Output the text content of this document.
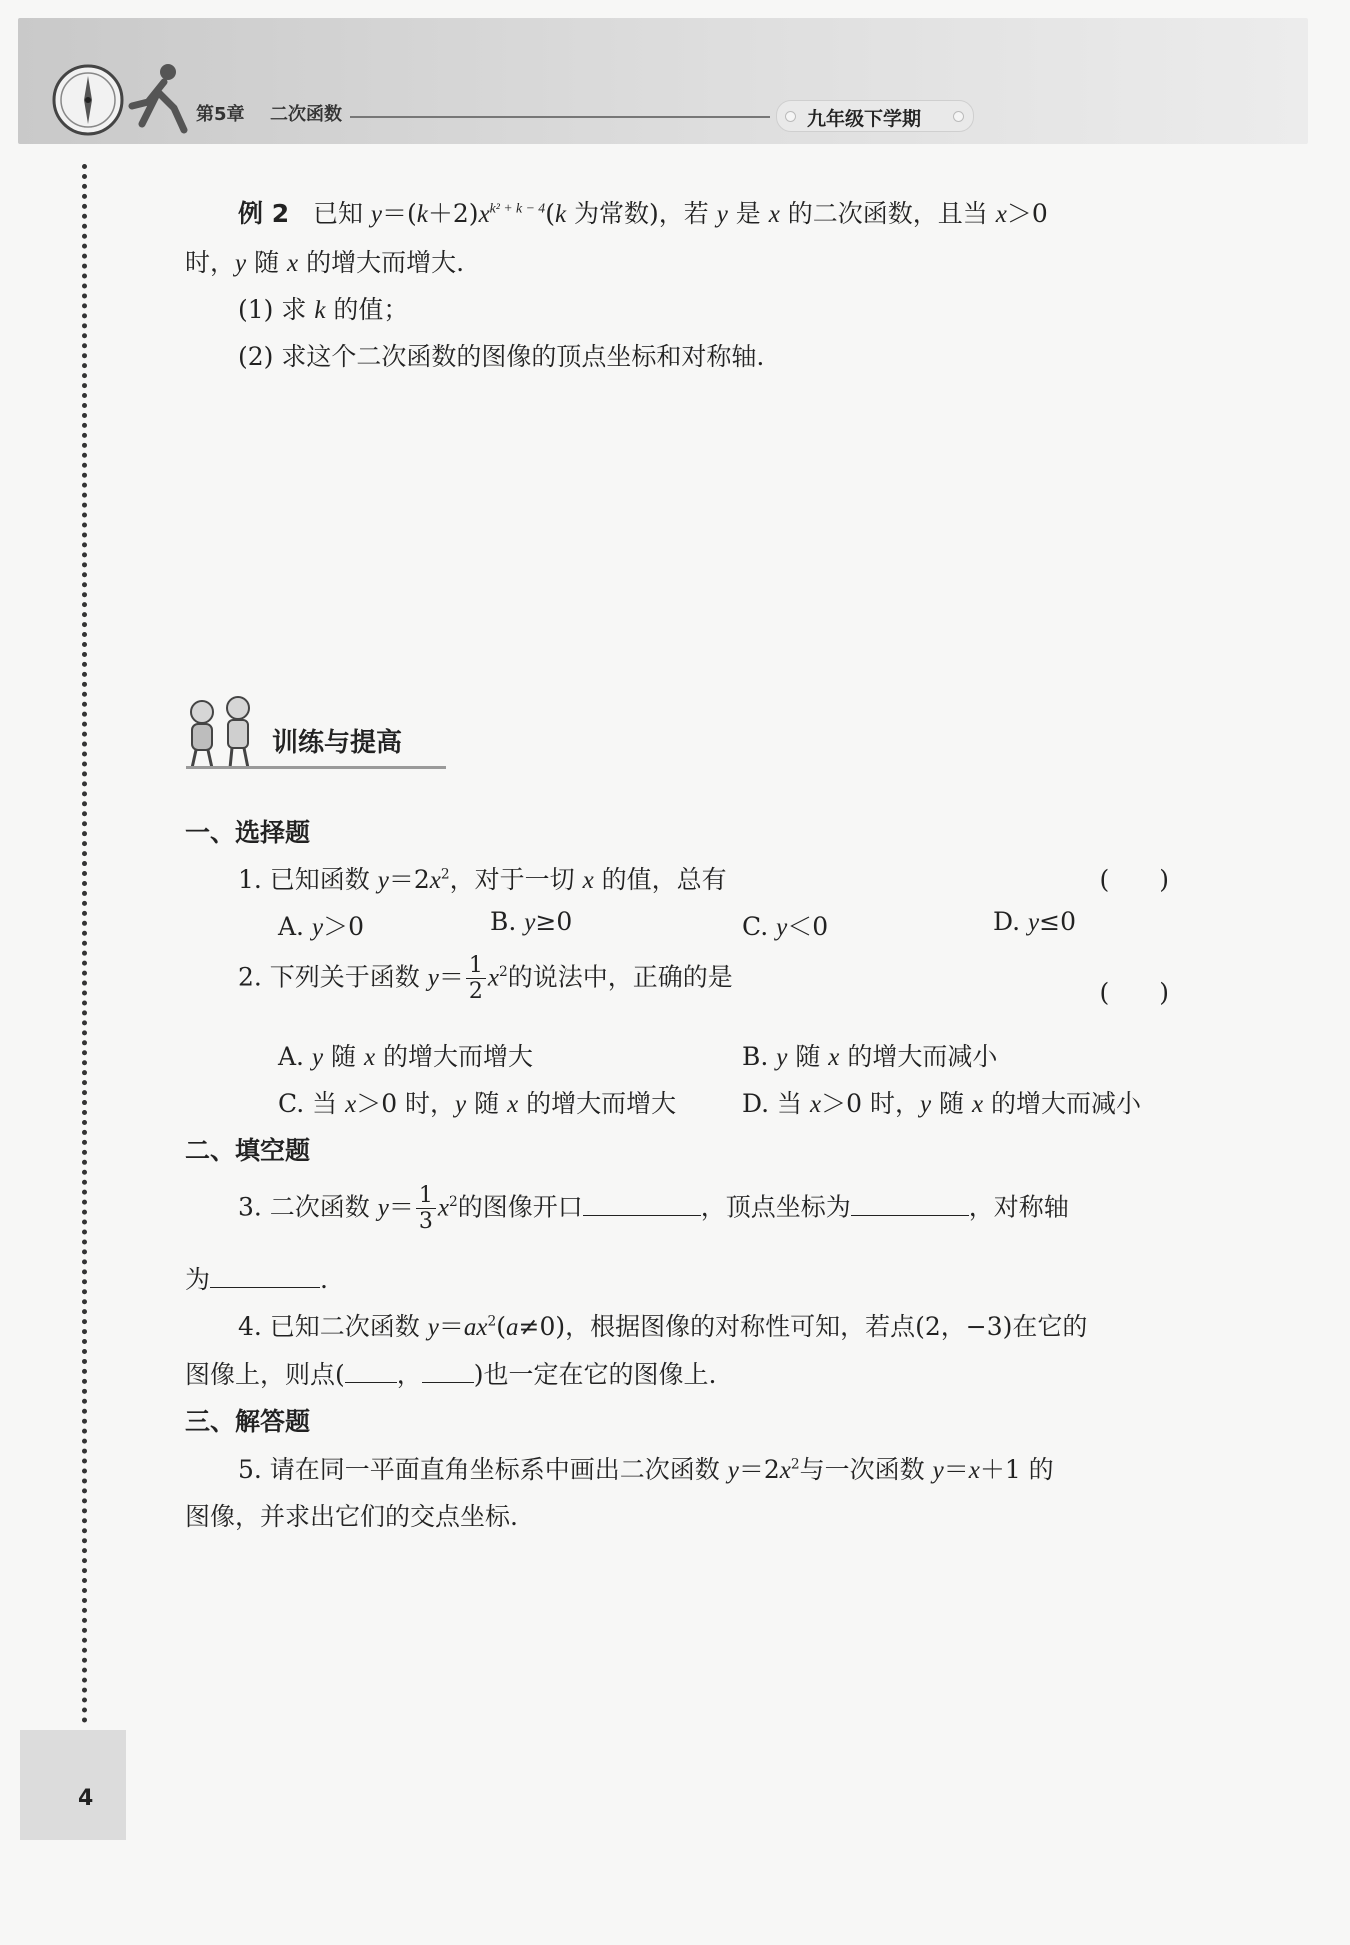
第5章 二次函数	九年级下学期
例 2 已知 $y=(k+2)x^{k^2 + k - 4}(k$ 为常数)，若 y 是 x 的二次函数，且当 x＞0
时，y 随 x 的增大而增大.
(1) 求 k 的值；
(2) 求这个二次函数的图像的顶点坐标和对称轴.
训练与提高
一、选择题
1. 已知函数 $y=2x^2$，对于一切 x 的值，总有	(　　)
A. y＞0	B. y≥0	C. y＜0	D. y≤0
2. 下列关于函数 $y= \frac{1}{2} x^2$的说法中，正确的是
(　　)
A. y 随 x 的增大而增大	B. y 随 x 的增大而减小
C. 当 x＞0 时，y 随 x 的增大而增大	D. 当 x＞0 时，y 随 x 的增大而减小
二、填空题
3. 二次函数 $y= \frac{1}{3} x^2$的图像开口	，顶点坐标为	，对称轴
为	.
4. 已知二次函数 $y=ax^2(a\ne 0)$，根据图像的对称性可知，若点(2，−3)在它的
图像上，则点( ， )也一定在它的图像上.
三、解答题
5. 请在同一平面直角坐标系中画出二次函数 $y=2x^2$与一次函数 y＝x＋1 的
图像，并求出它们的交点坐标.
4
